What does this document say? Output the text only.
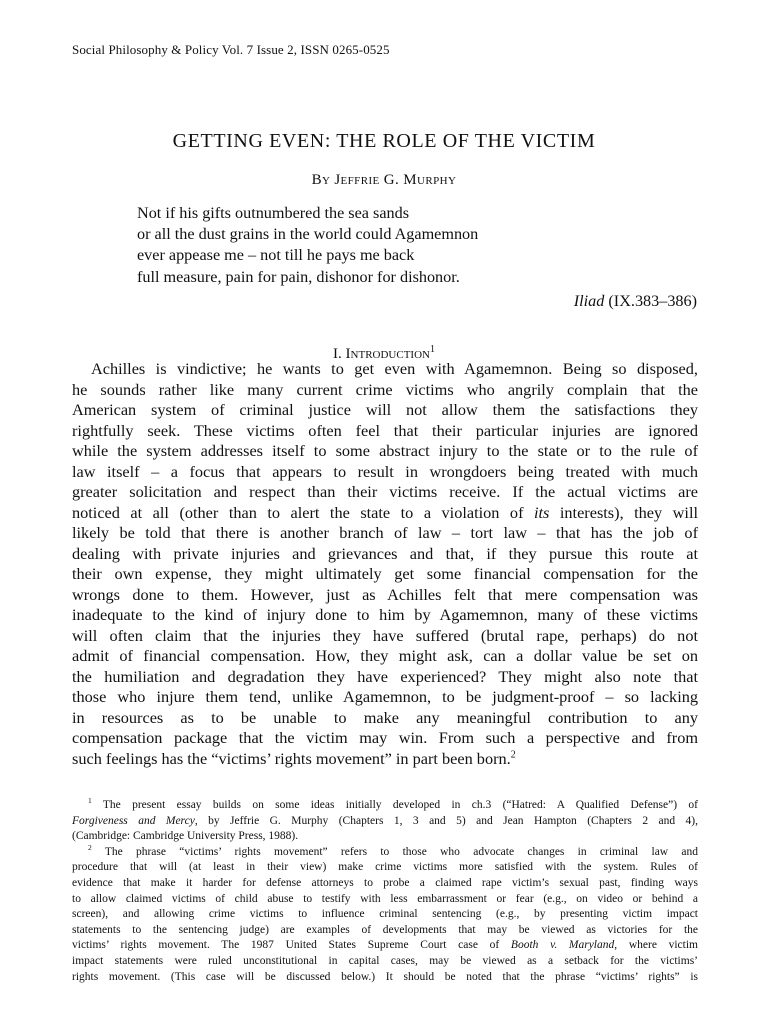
Social Philosophy & Policy Vol. 7 Issue 2, ISSN 0265-0525
GETTING EVEN: THE ROLE OF THE VICTIM
By Jeffrie G. Murphy
Not if his gifts outnumbered the sea sands
or all the dust grains in the world could Agamemnon
ever appease me – not till he pays me back
full measure, pain for pain, dishonor for dishonor.
Iliad (IX.383–386)
I. Introduction$^1$
Achilles is vindictive; he wants to get even with Agamemnon. Being so disposed,
he sounds rather like many current crime victims who angrily complain that the
American system of criminal justice will not allow them the satisfactions they
rightfully seek. These victims often feel that their particular injuries are ignored
while the system addresses itself to some abstract injury to the state or to the rule of
law itself – a focus that appears to result in wrongdoers being treated with much
greater solicitation and respect than their victims receive. If the actual victims are
noticed at all (other than to alert the state to a violation of its interests), they will
likely be told that there is another branch of law – tort law – that has the job of
dealing with private injuries and grievances and that, if they pursue this route at
their own expense, they might ultimately get some financial compensation for the
wrongs done to them. However, just as Achilles felt that mere compensation was
inadequate to the kind of injury done to him by Agamemnon, many of these victims
will often claim that the injuries they have suffered (brutal rape, perhaps) do not
admit of financial compensation. How, they might ask, can a dollar value be set on
the humiliation and degradation they have experienced? They might also note that
those who injure them tend, unlike Agamemnon, to be judgment-proof – so lacking
in resources as to be unable to make any meaningful contribution to any
compensation package that the victim may win. From such a perspective and from
such feelings has the “victims’ rights movement” in part been born.$^2$
$^1$ The present essay builds on some ideas initially developed in ch.3 (“Hatred: A Qualified Defense”) of
Forgiveness and Mercy, by Jeffrie G. Murphy (Chapters 1, 3 and 5) and Jean Hampton (Chapters 2 and 4),
(Cambridge: Cambridge University Press, 1988).
$^2$ The phrase “victims’ rights movement” refers to those who advocate changes in criminal law and
procedure that will (at least in their view) make crime victims more satisfied with the system. Rules of
evidence that make it harder for defense attorneys to probe a claimed rape victim’s sexual past, finding ways
to allow claimed victims of child abuse to testify with less embarrassment or fear (e.g., on video or behind a
screen), and allowing crime victims to influence criminal sentencing (e.g., by presenting victim impact
statements to the sentencing judge) are examples of developments that may be viewed as victories for the
victims’ rights movement. The 1987 United States Supreme Court case of Booth v. Maryland, where victim
impact statements were ruled unconstitutional in capital cases, may be viewed as a setback for the victims’
rights movement. (This case will be discussed below.) It should be noted that the phrase “victims’ rights” is
